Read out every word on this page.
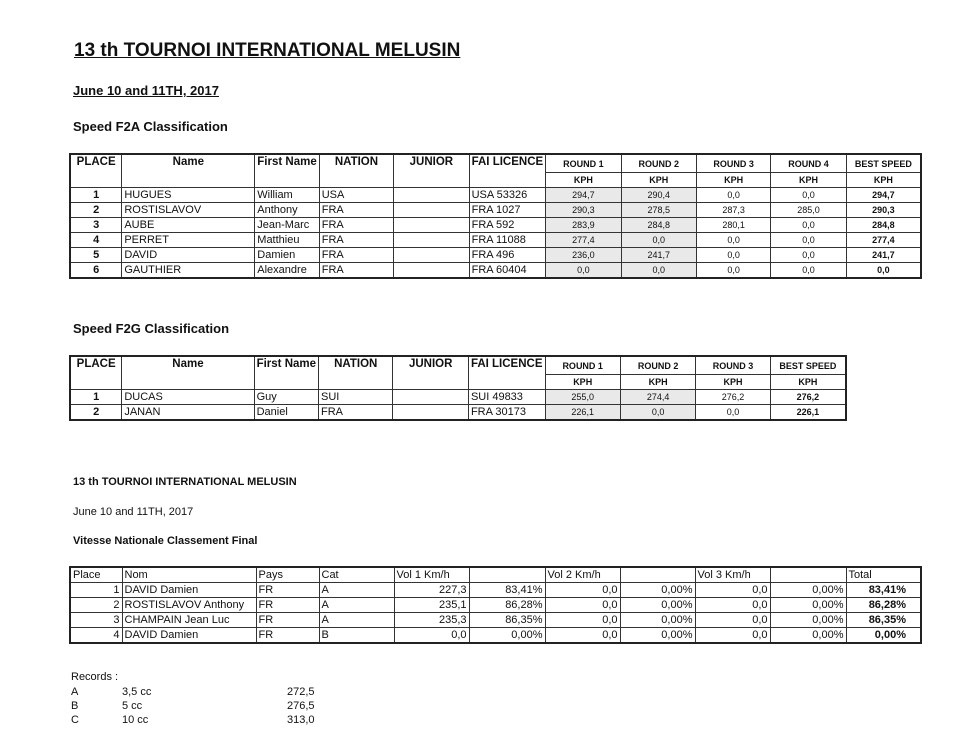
13 th TOURNOI INTERNATIONAL MELUSIN
June 10 and 11TH, 2017
Speed F2A Classification
PLACE	Name	First Name	NATION	JUNIOR	FAI LICENCE	ROUND 1	ROUND 2	ROUND 3	ROUND 4	BEST SPEED
						KPH	KPH	KPH	KPH	KPH
1	HUGUES	William	USA		USA 53326	294,7	290,4	0,0	0,0	294,7
2	ROSTISLAVOV	Anthony	FRA		FRA 1027	290,3	278,5	287,3	285,0	290,3
3	AUBE	Jean-Marc	FRA		FRA 592	283,9	284,8	280,1	0,0	284,8
4	PERRET	Matthieu	FRA		FRA 11088	277,4	0,0	0,0	0,0	277,4
5	DAVID	Damien	FRA		FRA 496	236,0	241,7	0,0	0,0	241,7
6	GAUTHIER	Alexandre	FRA		FRA 60404	0,0	0,0	0,0	0,0	0,0
Speed F2G Classification
PLACE	Name	First Name	NATION	JUNIOR	FAI LICENCE	ROUND 1	ROUND 2	ROUND 3	BEST SPEED
						KPH	KPH	KPH	KPH
1	DUCAS	Guy	SUI		SUI 49833	255,0	274,4	276,2	276,2
2	JANAN	Daniel	FRA		FRA 30173	226,1	0,0	0,0	226,1
13 th TOURNOI INTERNATIONAL MELUSIN
June 10 and 11TH, 2017
Vitesse Nationale Classement Final
Place	Nom	Pays	Cat	Vol 1 Km/h		Vol 2 Km/h		Vol 3 Km/h		Total
1	DAVID Damien	FR	A	227,3	83,41%	0,0	0,00%	0,0	0,00%	83,41%
2	ROSTISLAVOV Anthony	FR	A	235,1	86,28%	0,0	0,00%	0,0	0,00%	86,28%
3	CHAMPAIN Jean Luc	FR	A	235,3	86,35%	0,0	0,00%	0,0	0,00%	86,35%
4	DAVID Damien	FR	B	0,0	0,00%	0,0	0,00%	0,0	0,00%	0,00%
Records :
A	3,5 cc	272,5
B	5 cc	276,5
C	10 cc	313,0
